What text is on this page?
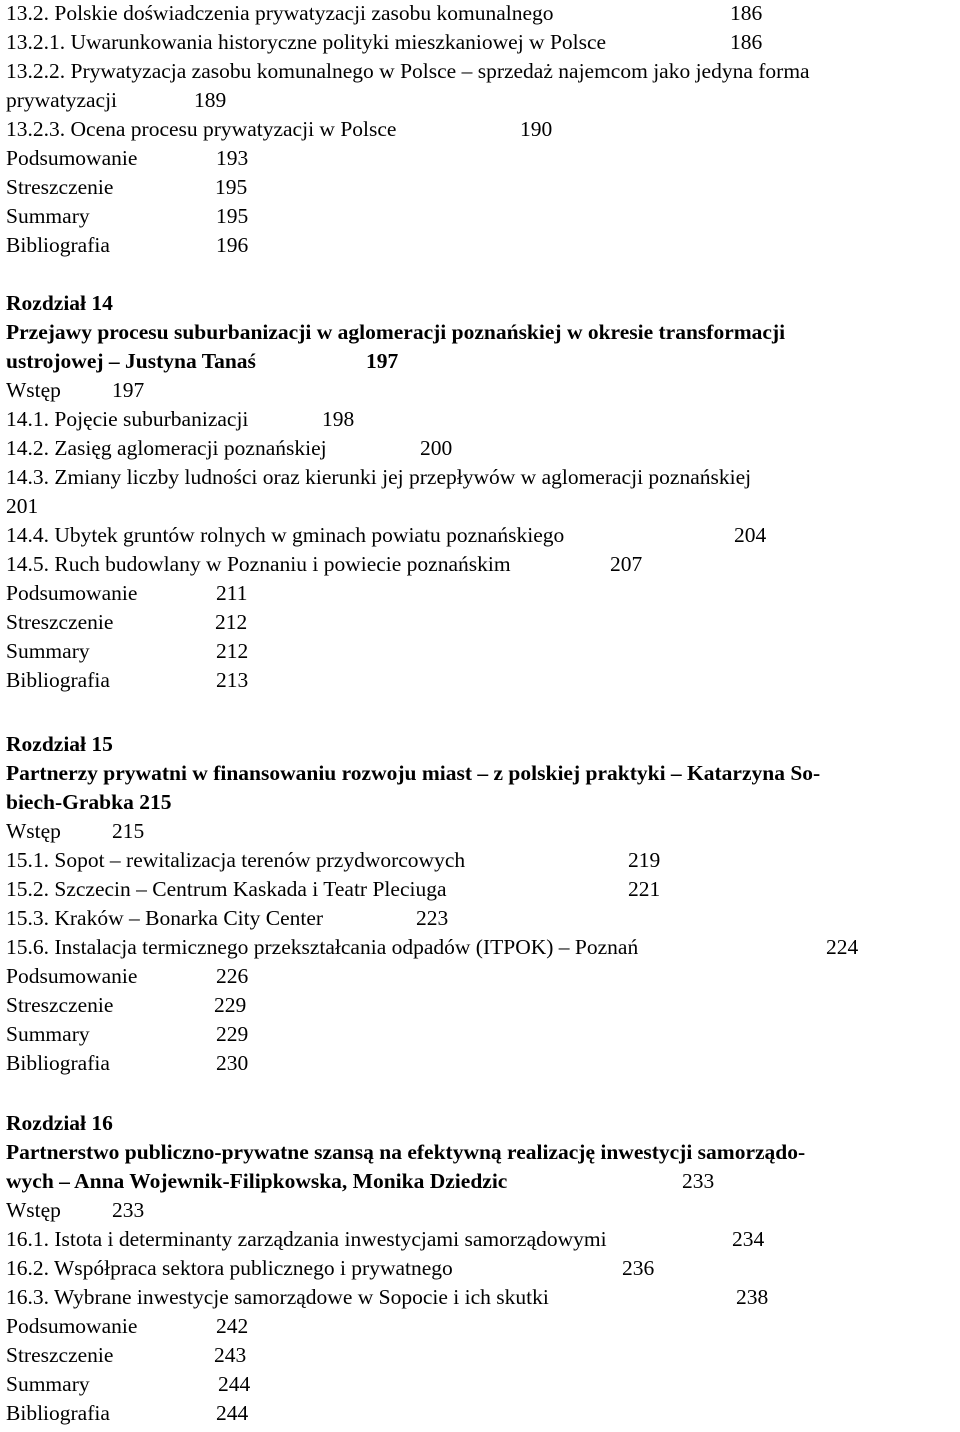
13.2. Polskie doświadczenia prywatyzacji zasobu komunalnego	186
13.2.1. Uwarunkowania historyczne polityki mieszkaniowej w Polsce	186
13.2.2. Prywatyzacja zasobu komunalnego w Polsce – sprzedaż najemcom jako jedyna forma
prywatyzacji	189
13.2.3. Ocena procesu prywatyzacji w Polsce	190
Podsumowanie	193
Streszczenie	195
Summary	195
Bibliografia	196
Rozdział 14
Przejawy procesu suburbanizacji w aglomeracji poznańskiej w okresie transformacji
ustrojowej – Justyna Tanaś	197
Wstęp 197
14.1. Pojęcie suburbanizacji	198
14.2. Zasięg aglomeracji poznańskiej	200
14.3. Zmiany liczby ludności oraz kierunki jej przepływów w aglomeracji poznańskiej
201
14.4. Ubytek gruntów rolnych w gminach powiatu poznańskiego	204
14.5. Ruch budowlany w Poznaniu i powiecie poznańskim	207
Podsumowanie	211
Streszczenie	212
Summary	212
Bibliografia	213
Rozdział 15
Partnerzy prywatni w finansowaniu rozwoju miast – z polskiej praktyki – Katarzyna So-
biech-Grabka 215
Wstęp 215
15.1. Sopot – rewitalizacja terenów przydworcowych	219
15.2. Szczecin – Centrum Kaskada i Teatr Pleciuga	221
15.3. Kraków – Bonarka City Center	223
15.6. Instalacja termicznego przekształcania odpadów (ITPOK) – Poznań	224
Podsumowanie	226
Streszczenie	229
Summary	229
Bibliografia	230
Rozdział 16
Partnerstwo publiczno-prywatne szansą na efektywną realizację inwestycji samorządo-
wych – Anna Wojewnik-Filipkowska, Monika Dziedzic	233
Wstęp 233
16.1. Istota i determinanty zarządzania inwestycjami samorządowymi	234
16.2. Współpraca sektora publicznego i prywatnego	236
16.3. Wybrane inwestycje samorządowe w Sopocie i ich skutki	238
Podsumowanie	242
Streszczenie	243
Summary	244
Bibliografia	244
